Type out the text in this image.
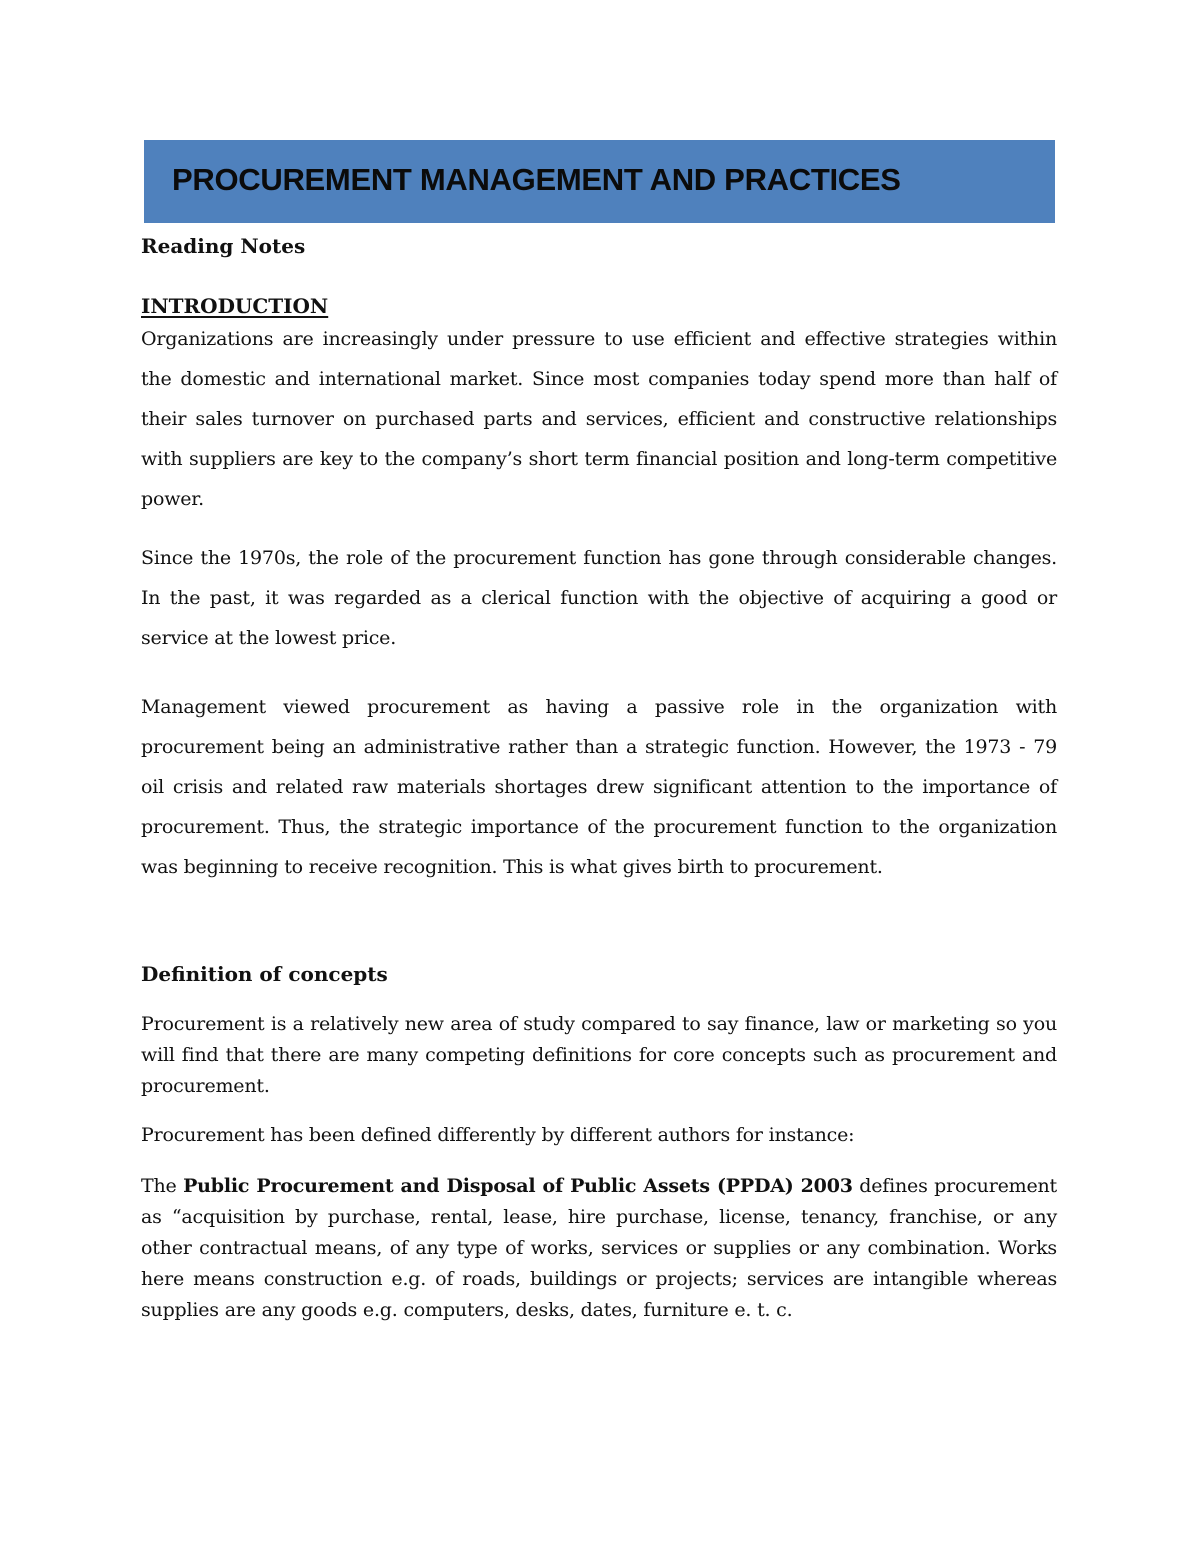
PROCUREMENT MANAGEMENT AND PRACTICES
Reading Notes
INTRODUCTION

Organizations are increasingly under pressure to use efficient and effective strategies within the domestic and international market. Since most companies today spend more than half of their sales turnover on purchased parts and services, efficient and constructive relationships with suppliers are key to the company’s short term financial position and long-term competitive power.

Since the 1970s, the role of the procurement function has gone through considerable changes. In the past, it was regarded as a clerical function with the objective of acquiring a good or service at the lowest price.

Management viewed procurement as having a passive role in the organization with procurement being an administrative rather than a strategic function. However, the 1973 - 79 oil crisis and related raw materials shortages drew significant attention to the importance of procurement. Thus, the strategic importance of the procurement function to the organization was beginning to receive recognition. This is what gives birth to procurement.

Definition of concepts

Procurement is a relatively new area of study compared to say finance, law or marketing so you will find that there are many competing definitions for core concepts such as procurement and procurement.

Procurement has been defined differently by different authors for instance:

The Public Procurement and Disposal of Public Assets (PPDA) 2003 defines procurement as “acquisition by purchase, rental, lease, hire purchase, license, tenancy, franchise, or any other contractual means, of any type of works, services or supplies or any combination. Works here means construction e.g. of roads, buildings or projects; services are intangible whereas supplies are any goods e.g. computers, desks, dates, furniture e. t. c.
